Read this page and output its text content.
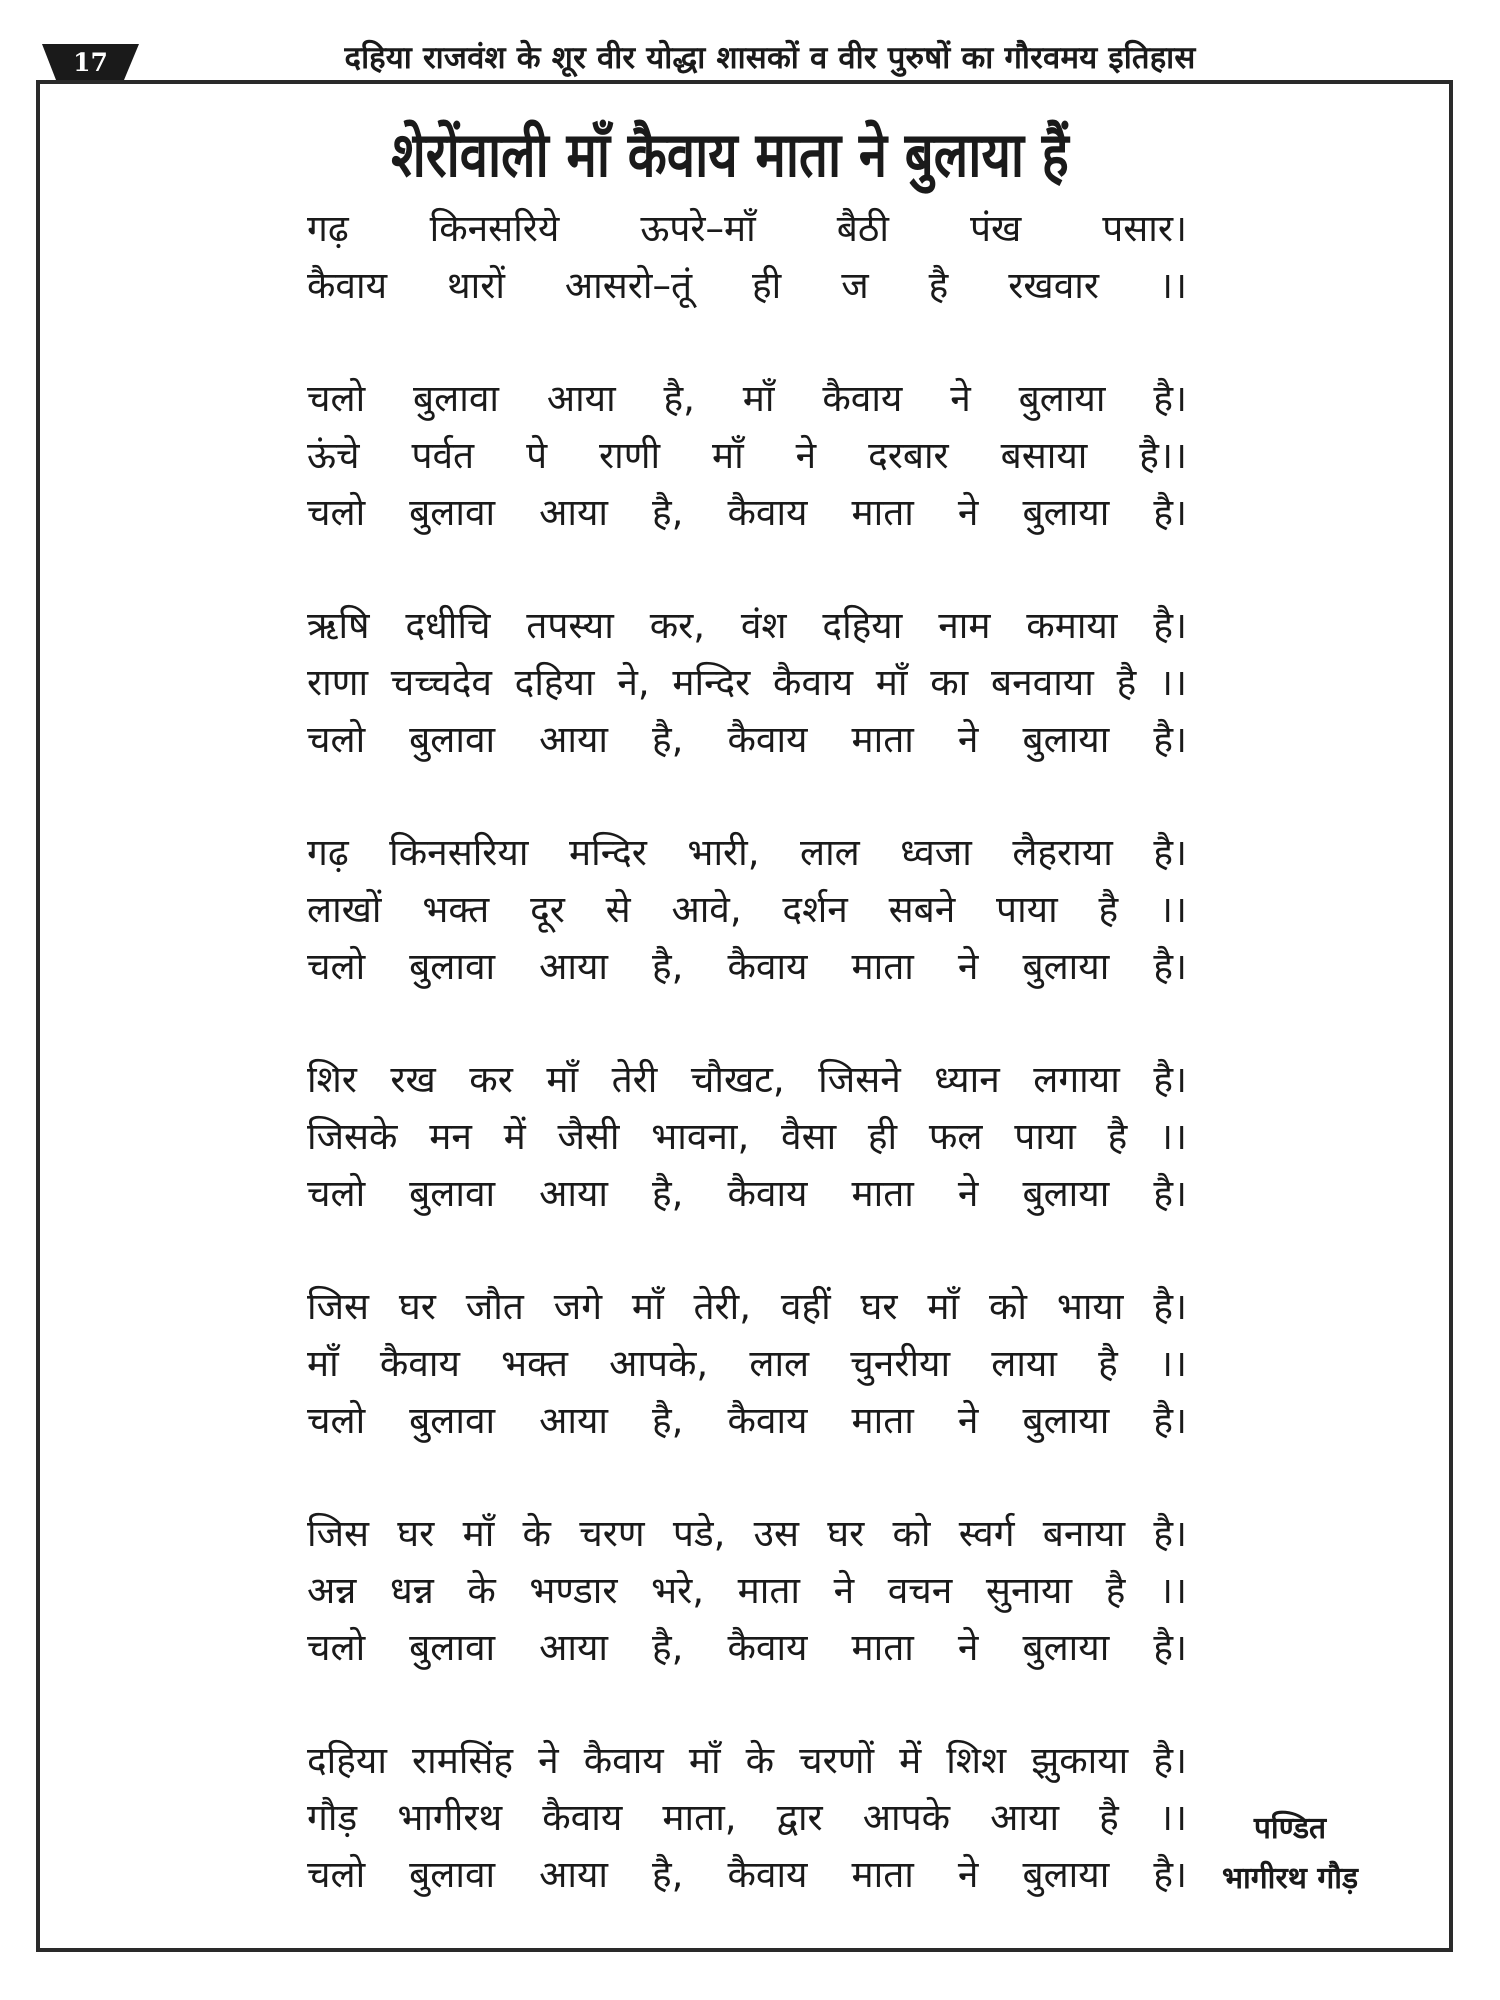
17	दहिया राजवंश के शूर वीर योद्धा शासकों व वीर पुरुषों का गौरवमय इतिहास
शेरोंवाली माँ कैवाय माता ने बुलाया हैं
गढ़ किनसरिये ऊपरे–माँ बैठी पंख पसार।
कैवाय थारों आसरो–तूं ही ज है रखवार ।।
चलो बुलावा आया है, माँ कैवाय ने बुलाया है।
ऊंचे पर्वत पे राणी माँ ने दरबार बसाया है।।
चलो बुलावा आया है, कैवाय माता ने बुलाया है।
ऋषि दधीचि तपस्या कर, वंश दहिया नाम कमाया है।
राणा चच्चदेव दहिया ने, मन्दिर कैवाय माँ का बनवाया है ।।
चलो बुलावा आया है, कैवाय माता ने बुलाया है।
गढ़ किनसरिया मन्दिर भारी, लाल ध्वजा लैहराया है।
लाखों भक्त दूर से आवे, दर्शन सबने पाया है ।।
चलो बुलावा आया है, कैवाय माता ने बुलाया है।
शिर रख कर माँ तेरी चौखट, जिसने ध्यान लगाया है।
जिसके मन में जैसी भावना, वैसा ही फल पाया है ।।
चलो बुलावा आया है, कैवाय माता ने बुलाया है।
जिस घर जौत जगे माँ तेरी, वहीं घर माँ को भाया है।
माँ कैवाय भक्त आपके, लाल चुनरीया लाया है ।।
चलो बुलावा आया है, कैवाय माता ने बुलाया है।
जिस घर माँ के चरण पडे, उस घर को स्वर्ग बनाया है।
अन्न धन्न के भण्डार भरे, माता ने वचन सुनाया है ।।
चलो बुलावा आया है, कैवाय माता ने बुलाया है।
दहिया रामसिंह ने कैवाय माँ के चरणों में शिश झुकाया है।
गौड़ भागीरथ कैवाय माता, द्वार आपके आया है ।।
चलो बुलावा आया है, कैवाय माता ने बुलाया है।
पण्डित
भागीरथ गौड़
